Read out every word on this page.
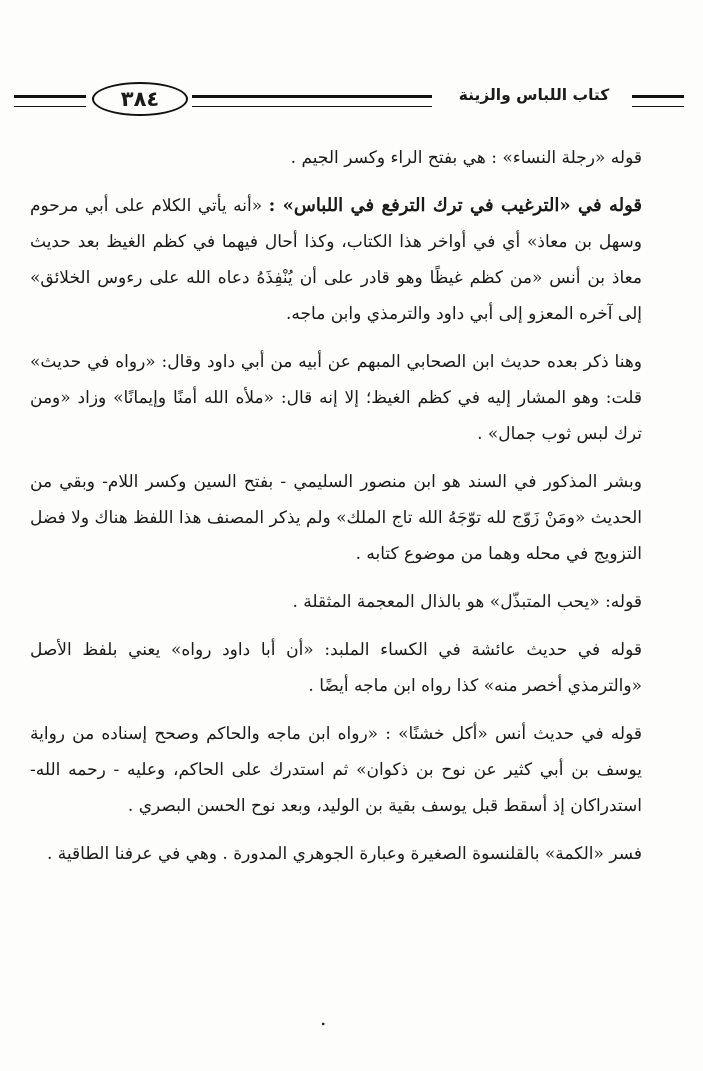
٣٨٤	كتاب اللباس والزينة

قوله «رجلة النساء» : هي بفتح الراء وكسر الجيم .

قوله في «الترغيب في ترك الترفع في اللباس» : «أنه يأتي الكلام على أبي مرحوم وسهل بن معاذ» أي في أواخر هذا الكتاب، وكذا أحال فيهما في كظم الغيظ بعد حديث معاذ بن أنس «من كظم غيظًا وهو قادر على أن يُنْفِذَهُ دعاه الله على رءوس الخلائق» إلى آخره المعزو إلى أبي داود والترمذي وابن ماجه.

وهنا ذكر بعده حديث ابن الصحابي المبهم عن أبيه من أبي داود وقال: «رواه في حديث» قلت: وهو المشار إليه في كظم الغيظ؛ إلا إنه قال: «ملأه الله أمنًا وإيمانًا» وزاد «ومن ترك لبس ثوب جمال» .

وبشر المذكور في السند هو ابن منصور السليمي - بفتح السين وكسر اللام- وبقي من الحديث «ومَنْ زَوّج لله توّجَهُ الله تاج الملك» ولم يذكر المصنف هذا اللفظ هناك ولا فضل التزويج في محله وهما من موضوع كتابه .

قوله: «يحب المتبذّل» هو بالذال المعجمة المثقلة .

قوله في حديث عائشة في الكساء الملبد: «أن أبا داود رواه» يعني بلفظ الأصل «والترمذي أخصر منه» كذا رواه ابن ماجه أيضًا .

قوله في حديث أنس «أكل خشنًا» : «رواه ابن ماجه والحاكم وصحح إسناده من رواية يوسف بن أبي كثير عن نوح بن ذكوان» ثم استدرك على الحاكم، وعليه - رحمه الله- استدراكان إذ أسقط قبل يوسف بقية بن الوليد، وبعد نوح الحسن البصري .

فسر «الكمة» بالقلنسوة الصغيرة وعبارة الجوهري المدورة . وهي في عرفنا الطاقية .

.
